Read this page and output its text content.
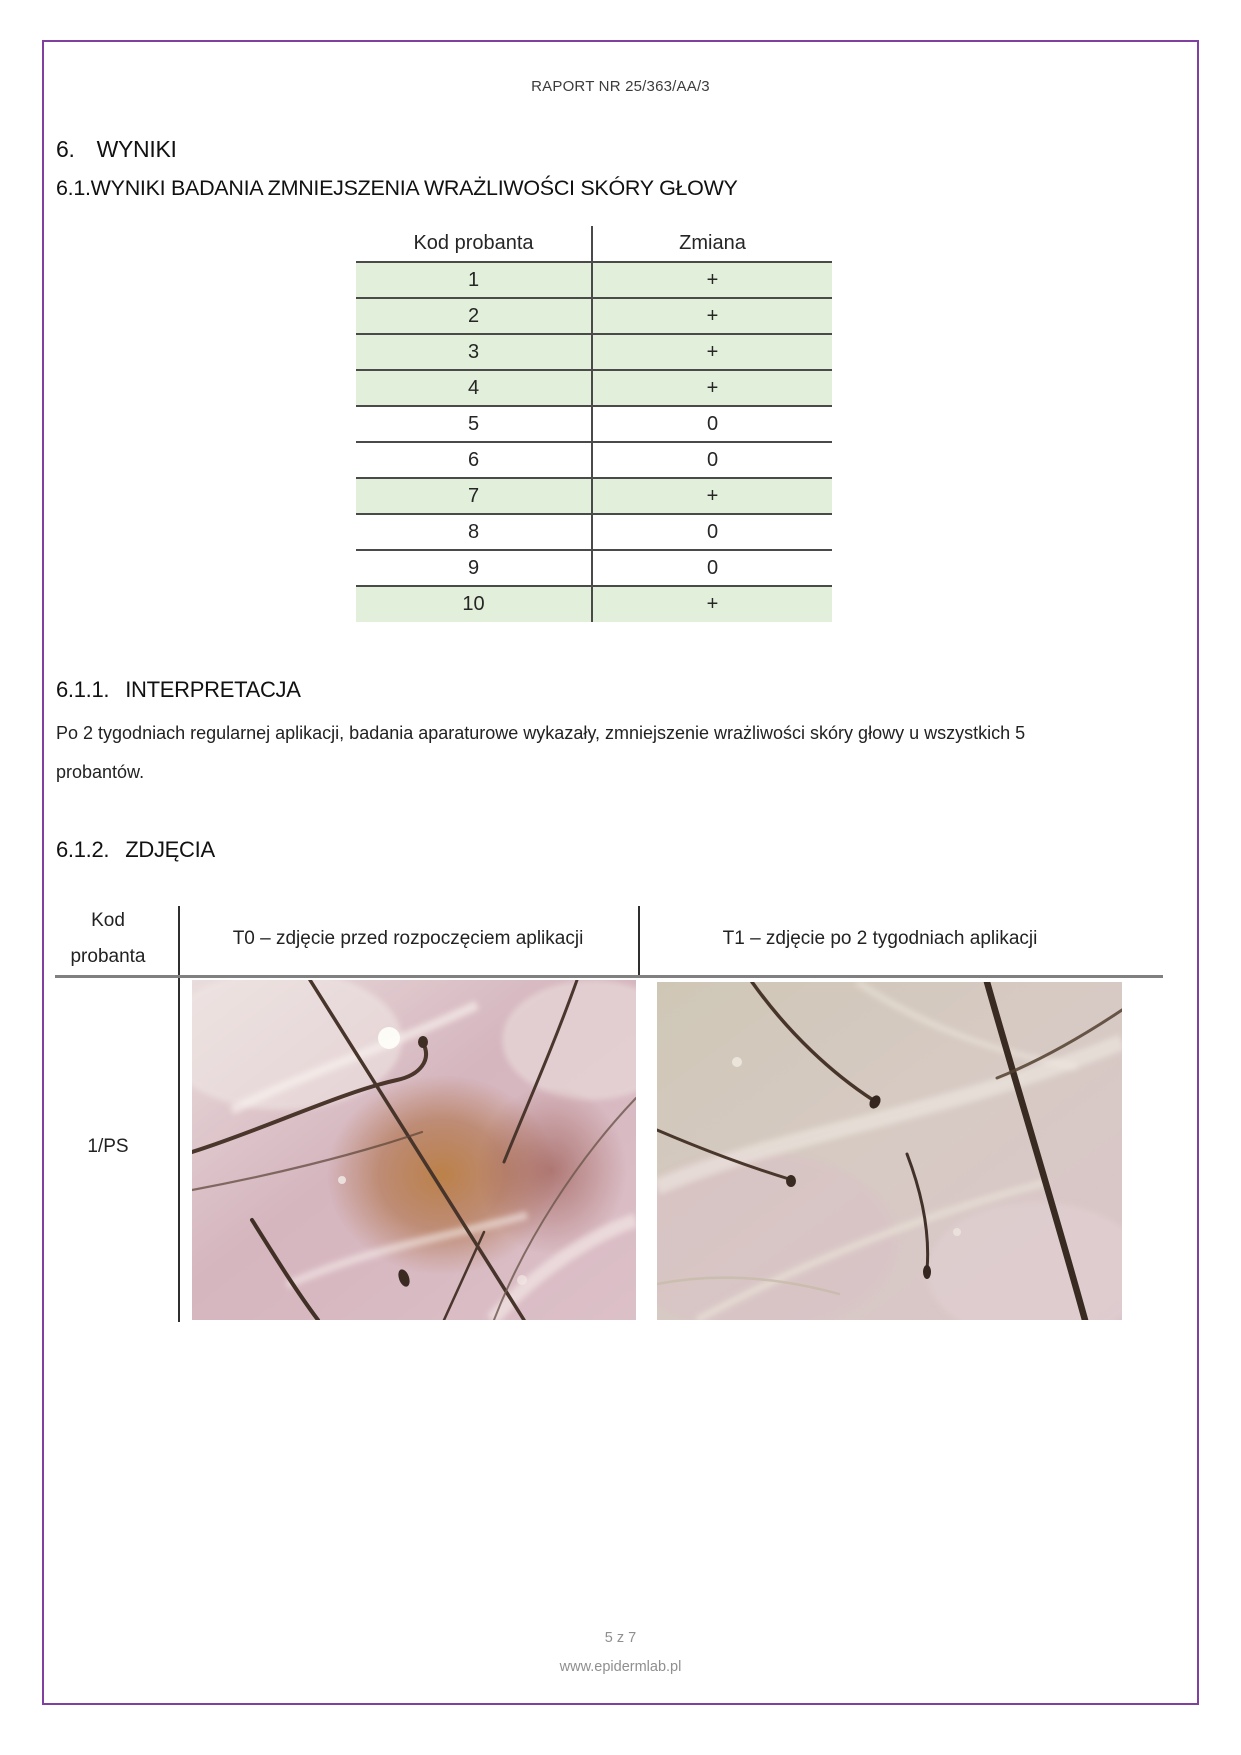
RAPORT NR 25/363/AA/3
6. WYNIKI
6.1.WYNIKI BADANIA ZMNIEJSZENIA WRAŻLIWOŚCI SKÓRY GŁOWY
Kod probanta	Zmiana
1	+
2	+
3	+
4	+
5	0
6	0
7	+
8	0
9	0
10	+
6.1.1. INTERPRETACJA
Po 2 tygodniach regularnej aplikacji, badania aparaturowe wykazały, zmniejszenie wrażliwości skóry głowy u wszystkich 5 probantów.
6.1.2. ZDJĘCIA
Kod
probanta
T0 – zdjęcie przed rozpoczęciem aplikacji	T1 – zdjęcie po 2 tygodniach aplikacji
1/PS
5 z 7
www.epidermlab.pl
